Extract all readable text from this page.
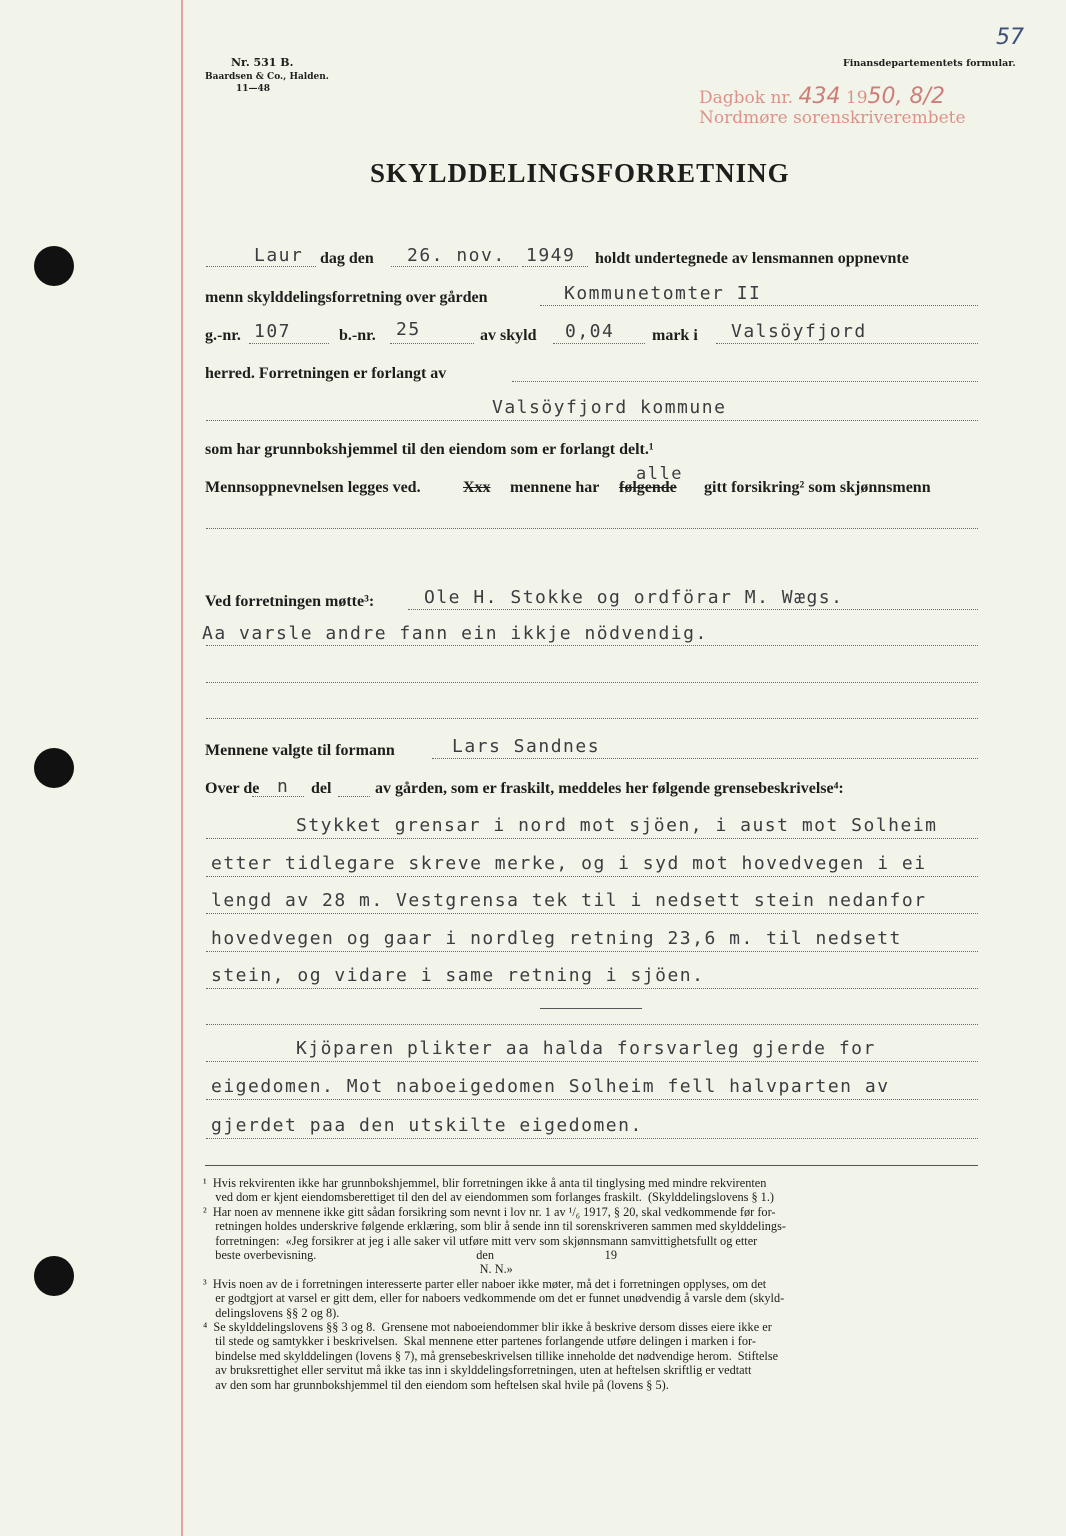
Nr. 531 B.
Baardsen & Co., Halden.
11—48
Finansdepartementets formular.
Dagbok nr. 434 1950, 8/2
Nordmøre sorenskriverembete
57
SKYLDDELINGSFORRETNING
Laur dag den 26. nov. 1949 holdt undertegnede av lensmannen oppnevnte
menn skylddelingsforretning over gården	Kommunetomter II
g.-nr. 107	b.-nr. 25	av skyld 0,04 mark i Valsöyfjord
herred. Forretningen er forlangt av
Valsöyfjord kommune
som har grunnbokshjemmel til den eiendom som er forlangt delt.¹
Mennsoppnevnelsen legges ved.	Xxx mennene har
alle
følgende gitt forsikring² som skjønnsmenn
Ved forretningen møtte³:	Ole H. Stokke og ordförar M. Wægs.
Aa varsle andre fann ein ikkje nödvendig.
Mennene valgte til formann	Lars Sandnes
Over de n del	av gården, som er fraskilt, meddeles her følgende grensebeskrivelse⁴:
Stykket grensar i nord mot sjöen, i aust mot Solheim
etter tidlegare skreve merke, og i syd mot hovedvegen i ei
lengd av 28 m. Vestgrensa tek til i nedsett stein nedanfor
hovedvegen og gaar i nordleg retning 23,6 m. til nedsett
stein, og vidare i same retning i sjöen.
Kjöparen plikter aa halda forsvarleg gjerde for
eigedomen. Mot naboeigedomen Solheim fell halvparten av
gjerdet paa den utskilte eigedomen.
¹  Hvis rekvirenten ikke har grunnbokshjemmel, blir forretningen ikke å anta til tinglysing med mindre rekvirenten
ved dom er kjent eiendomsberettiget til den del av eiendommen som forlanges fraskilt.  (Skylddelingslovens § 1.)
²  Har noen av mennene ikke gitt sådan forsikring som nevnt i lov nr. 1 av ¹/₆ 1917, § 20, skal vedkommende før for-
retningen holdes underskrive følgende erklæring, som blir å sende inn til sorenskriveren sammen med skylddelings-
forretningen:  «Jeg forsikrer at jeg i alle saker vil utføre mitt verv som skjønnsmann samvittighetsfullt og etter
beste overbevisning.                                                    den                                    19
N. N.»
³  Hvis noen av de i forretningen interesserte parter eller naboer ikke møter, må det i forretningen opplyses, om det
er godtgjort at varsel er gitt dem, eller for naboers vedkommende om det er funnet unødvendig å varsle dem (skyld-
delingslovens §§ 2 og 8).
⁴  Se skylddelingslovens §§ 3 og 8.  Grensene mot naboeiendommer blir ikke å beskrive dersom disses eiere ikke er
til stede og samtykker i beskrivelsen.  Skal mennene etter partenes forlangende utføre delingen i marken i for-
bindelse med skylddelingen (lovens § 7), må grensebeskrivelsen tillike inneholde det nødvendige herom.  Stiftelse
av bruksrettighet eller servitut må ikke tas inn i skylddelingsforretningen, uten at heftelsen skriftlig er vedtatt
av den som har grunnbokshjemmel til den eiendom som heftelsen skal hvile på (lovens § 5).
